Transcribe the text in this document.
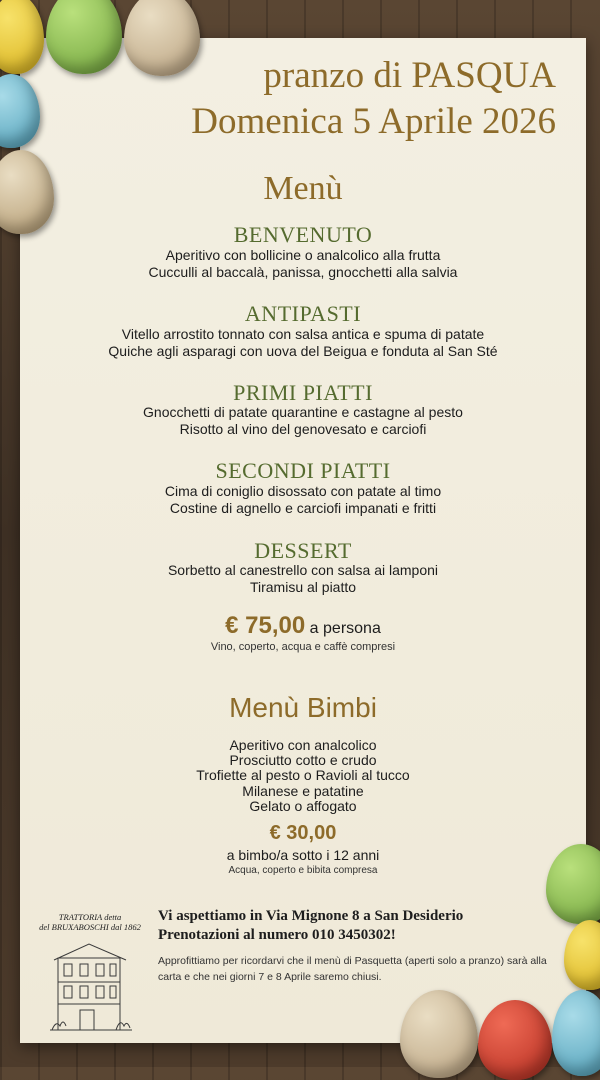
pranzo di PASQUA
Domenica 5 Aprile 2026
Menù
BENVENUTO
Aperitivo con bollicine o analcolico alla frutta
Cucculli al baccalà, panissa, gnocchetti alla salvia
ANTIPASTI
Vitello arrostito tonnato con salsa antica e spuma di patate
Quiche agli asparagi con uova del Beigua e fonduta al San Sté
PRIMI PIATTI
Gnocchetti di patate quarantine e castagne al pesto
Risotto al vino del genovesato e carciofi
SECONDI PIATTI
Cima di coniglio disossato con patate al timo
Costine di agnello e carciofi impanati e fritti
DESSERT
Sorbetto al canestrello con salsa ai lamponi
Tiramisu al piatto
€ 75,00 a persona
Vino, coperto, acqua e caffè compresi
Menù Bimbi
Aperitivo con analcolico
Prosciutto cotto e crudo
Trofiette al pesto o Ravioli al tucco
Milanese e patatine
Gelato o affogato
€ 30,00
a bimbo/a sotto i 12 anni
Acqua, coperto e bibita compresa
TRATTORIA detta
del BRUXABOSCHI dal 1862
Vi aspettiamo in Via Mignone 8 a San Desiderio
Prenotazioni al numero 010 3450302!
Approfittiamo per ricordarvi che il menù di Pasquetta (aperti solo a pranzo) sarà alla carta e che nei giorni 7 e 8 Aprile saremo chiusi.
